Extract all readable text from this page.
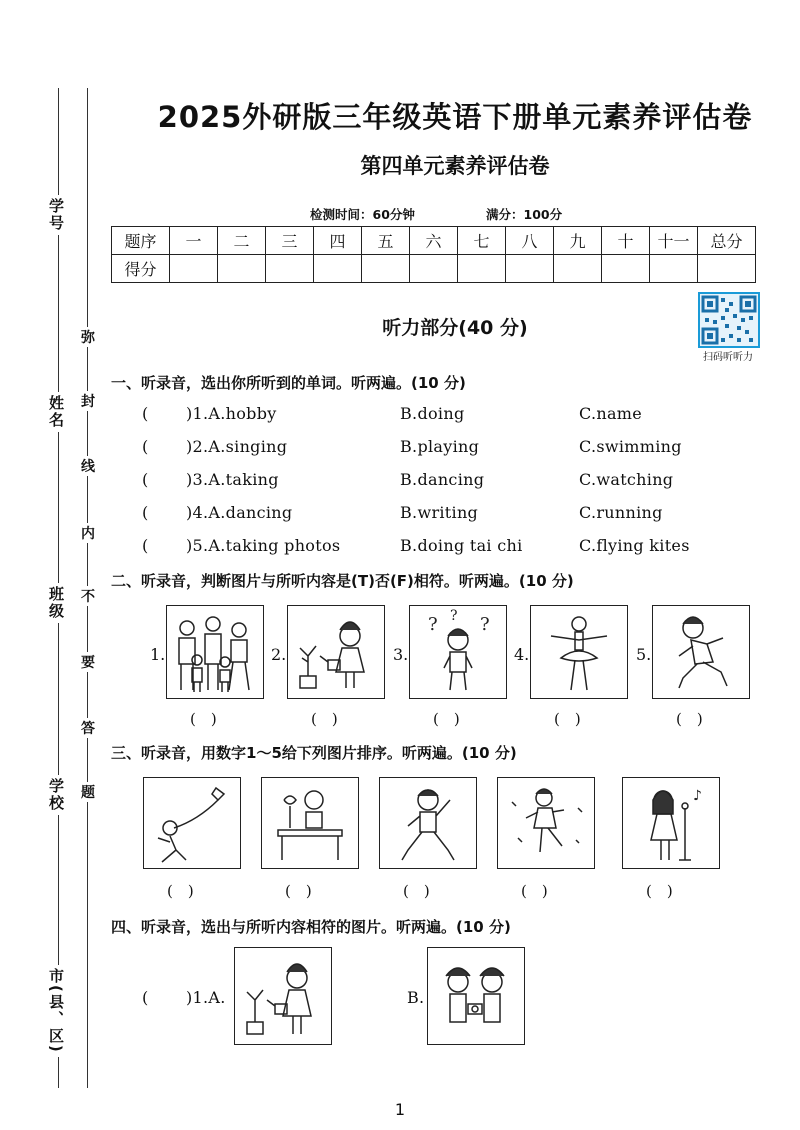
学号
姓名
班级
学校
市(县、区)
弥
封
线
内
不
要
答
题
2025外研版三年级英语下册单元素养评估卷
第四单元素养评估卷
检测时间：60分钟	满分：100分
题序	一	二	三	四	五	六	七	八	九	十	十一	总分
得分												
扫码听听力
听力部分(40 分)
一、听录音，选出你所听到的单词。听两遍。(10 分)
( )1.A.hobby	B.doing	C.name
( )2.A.singing	B.playing	C.swimming
( )3.A.taking	B.dancing	C.watching
( )4.A.dancing	B.writing	C.running
( )5.A.taking photos	B.doing tai chi	C.flying kites
二、听录音，判断图片与所听内容是(T)否(F)相符。听两遍。(10 分)
1.
(　)
2.
(　)
3.
? ?
?
(　)
4.
(　)
5.
(　)
三、听录音，用数字1～5给下列图片排序。听两遍。(10 分)
(　)	(　)	(　)	(　)
♪
(　)
四、听录音，选出与所听内容相符的图片。听两遍。(10 分)
( )1.A.	B.
1
